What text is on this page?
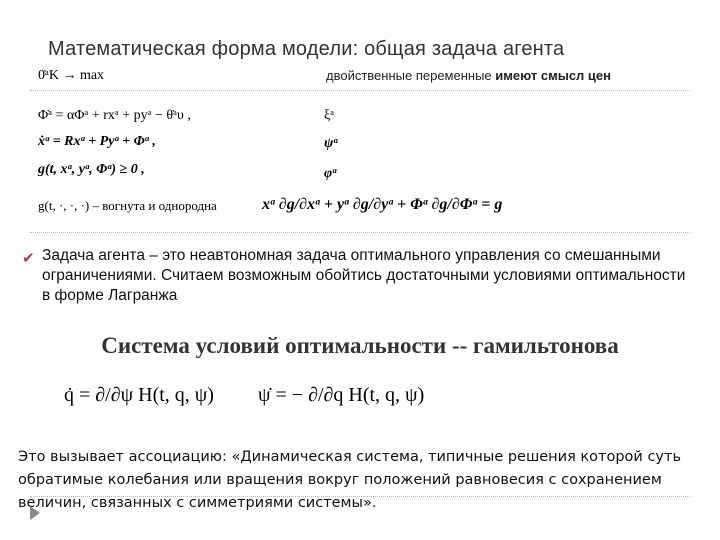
Математическая форма модели: общая задача агента
0̇ᵃK → max	двойственные переменные имеют смысл цен
Φ̇ᵃ = αΦᵃ + rxᵃ + pyᵃ − θ̇ᵃυ ,	ξᵃ
ẋᵃ = Rxᵃ + Pyᵃ + Φᵃ ,	ψᵃ
g(t, xᵃ, yᵃ, Φᵃ) ≥ 0 ,	φᵃ
g(t, ·, ·, ·) – вогнута и однородна	xᵃ ∂g/∂xᵃ + yᵃ ∂g/∂yᵃ + Φᵃ ∂g/∂Φᵃ = g
✔ Задача агента – это неавтономная задача оптимального управления со смешанными ограничениями. Считаем возможным обойтись достаточными условиями оптимальности в форме Лагранжа
Система условий оптимальности -- гамильтонова
q̇ = ∂/∂ψ H(t, q, ψ) ψ̇ = − ∂/∂q H(t, q, ψ)
Это вызывает ассоциацию: «Динамическая система, типичные решения которой суть обратимые колебания или вращения вокруг положений равновесия с сохранением величин, связанных с симметриями системы».
